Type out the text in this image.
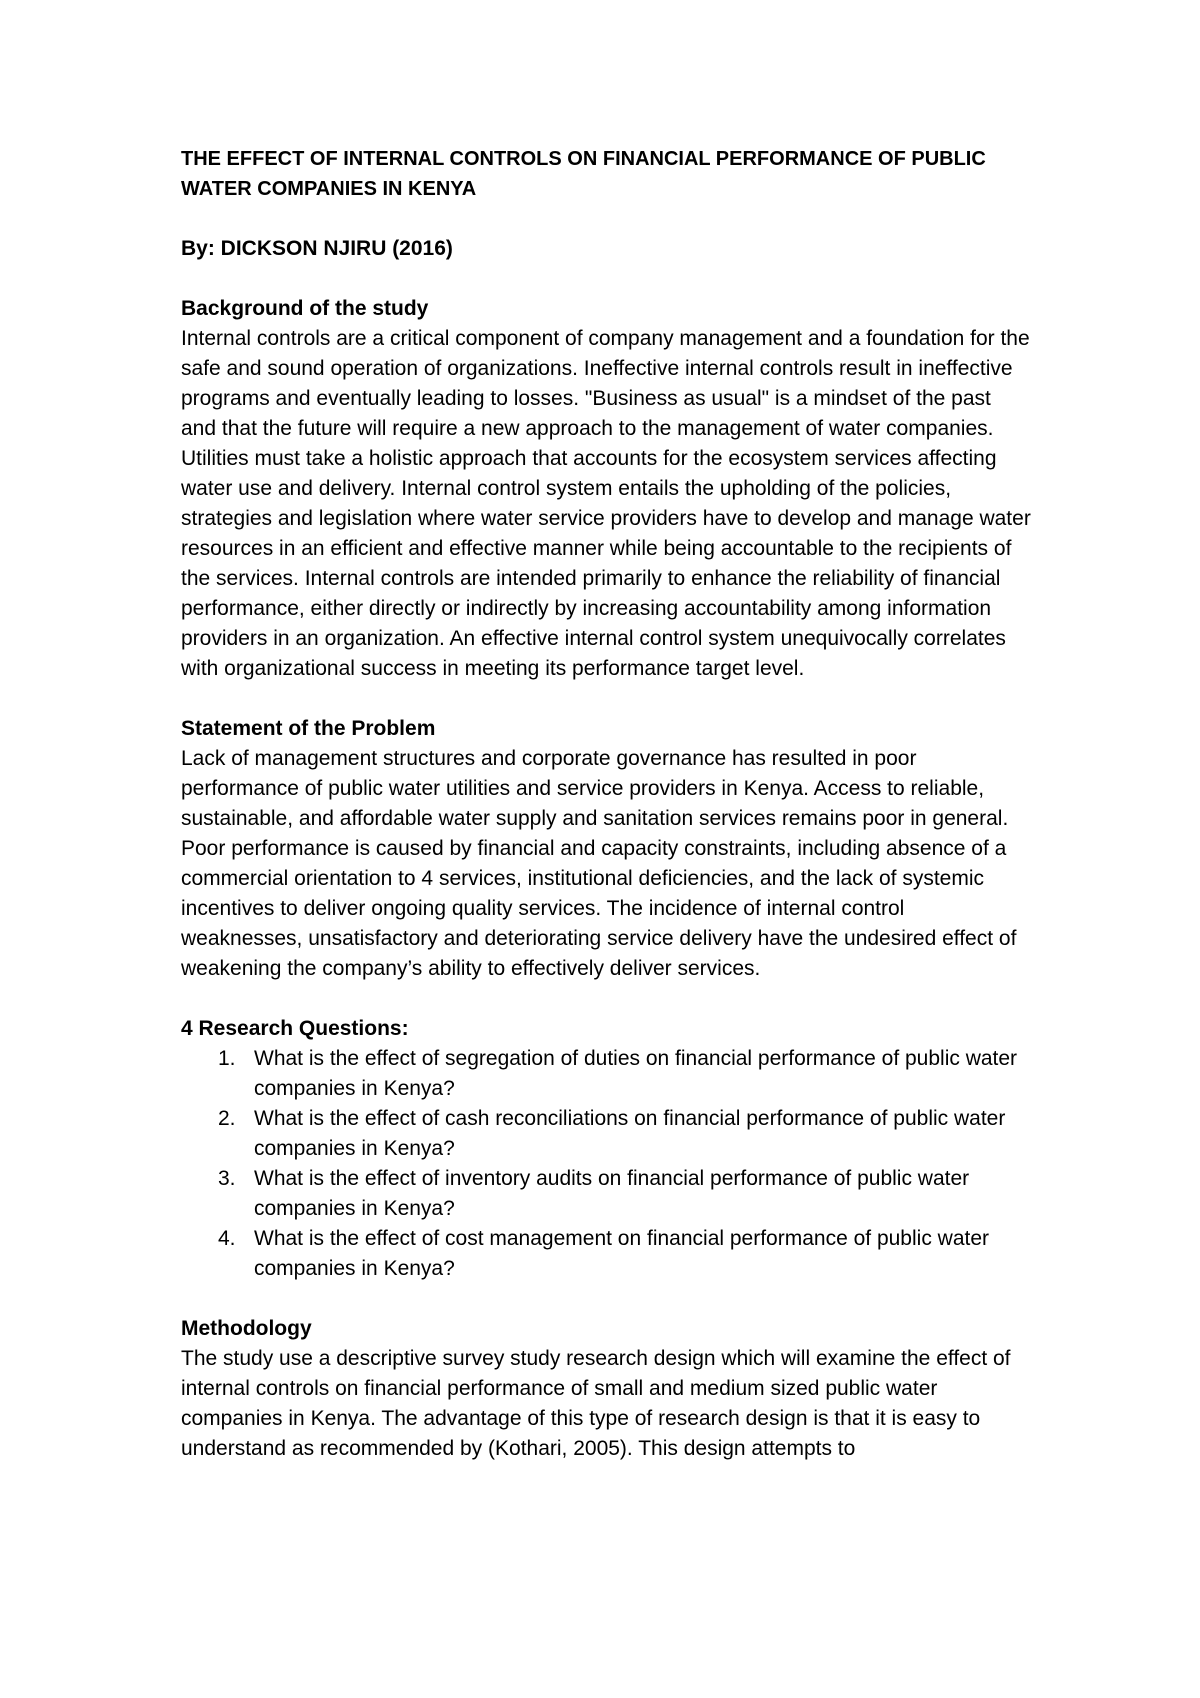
THE EFFECT OF INTERNAL CONTROLS ON FINANCIAL PERFORMANCE OF PUBLIC WATER COMPANIES IN KENYA

By: DICKSON NJIRU (2016)

Background of the study

Internal controls are a critical component of company management and a foundation for the safe and sound operation of organizations. Ineffective internal controls result in ineffective programs and eventually leading to losses. "Business as usual" is a mindset of the past and that the future will require a new approach to the management of water companies. Utilities must take a holistic approach that accounts for the ecosystem services affecting water use and delivery. Internal control system entails the upholding of the policies, strategies and legislation where water service providers have to develop and manage water resources in an efficient and effective manner while being accountable to the recipients of the services. Internal controls are intended primarily to enhance the reliability of financial performance, either directly or indirectly by increasing accountability among information providers in an organization. An effective internal control system unequivocally correlates with organizational success in meeting its performance target level.

Statement of the Problem

Lack of management structures and corporate governance has resulted in poor performance of public water utilities and service providers in Kenya. Access to reliable, sustainable, and affordable water supply and sanitation services remains poor in general. Poor performance is caused by financial and capacity constraints, including absence of a commercial orientation to 4 services, institutional deficiencies, and the lack of systemic incentives to deliver ongoing quality services. The incidence of internal control weaknesses, unsatisfactory and deteriorating service delivery have the undesired effect of weakening the company’s ability to effectively deliver services.

4 Research Questions:

1. What is the effect of segregation of duties on financial performance of public water companies in Kenya?
2. What is the effect of cash reconciliations on financial performance of public water companies in Kenya?
3. What is the effect of inventory audits on financial performance of public water companies in Kenya?
4. What is the effect of cost management on financial performance of public water companies in Kenya?

Methodology

The study use a descriptive survey study research design which will examine the effect of internal controls on financial performance of small and medium sized public water companies in Kenya. The advantage of this type of research design is that it is easy to understand as recommended by (Kothari, 2005). This design attempts to
